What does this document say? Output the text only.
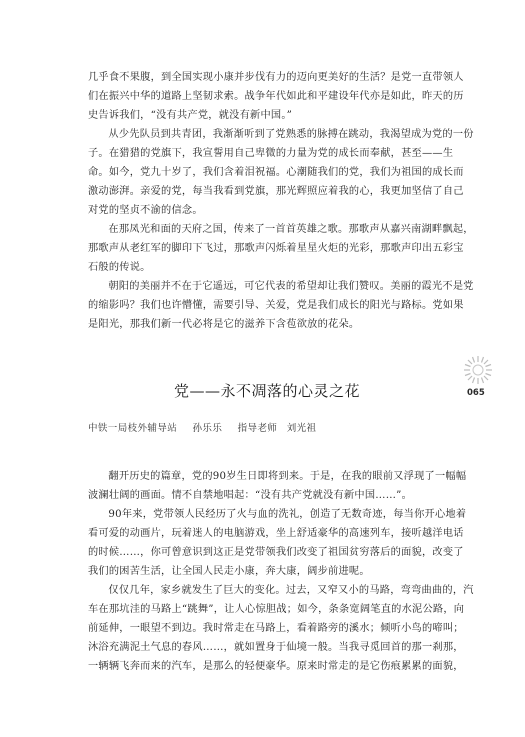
几乎食不果腹，到全国实现小康并步伐有力的迈向更美好的生活？是党一直带领人们在振兴中华的道路上坚韧求索。战争年代如此和平建设年代亦是如此，昨天的历史告诉我们，“没有共产党，就没有新中国。”

从少先队员到共青团，我渐渐听到了党熟悉的脉搏在跳动，我渴望成为党的一份子。在猎猎的党旗下，我宣誓用自己卑微的力量为党的成长而奉献，甚至——生命。如今，党九十岁了，我们含着泪祝福。心潮随我们的党，我们为祖国的成长而激动澎湃。亲爱的党，每当我看到党旗，那光辉照应着我的心，我更加坚信了自己对党的坚贞不渝的信念。

在那凤光和面的天府之国，传来了一首首英雄之歌。那歌声从嘉兴南湖畔飘起，那歌声从老红军的脚印下飞过，那歌声闪烁着星星火炬的光彩，那歌声印出五彩宝石般的传说。

朝阳的美丽并不在于它遥远，可它代表的希望却让我们赞叹。美丽的霞光不是党的缩影吗？我们也许懵懂，需要引导、关爱，党是我们成长的阳光与路标。党如果是阳光，那我们新一代必将是它的滋养下含苞欲放的花朵。

065
党——永不凋落的心灵之花
中铁一局枝外辅导站 孙乐乐 指导老师 刘光祖

翻开历史的篇章，党的90岁生日即将到来。于是，在我的眼前又浮现了一幅幅波澜壮阔的画面。情不自禁地唱起：“没有共产党就没有新中国……”。

90年来，党带领人民经历了火与血的洗礼，创造了无数奇迹，每当你开心地着看可爱的动画片，玩着迷人的电脑游戏，坐上舒适豪华的高速列车，接听越洋电话的时候……，你可曾意识到这正是党带领我们改变了祖国贫穷落后的面貌，改变了我们的困苦生活，让全国人民走小康，奔大康，阔步前进呢。

仅仅几年，家乡就发生了巨大的变化。过去，又窄又小的马路，弯弯曲曲的，汽车在那坑洼的马路上“跳舞”，让人心惊胆战；如今，条条宽阔笔直的水泥公路，向前延伸，一眼望不到边。我时常走在马路上，看着路旁的溪水；倾听小鸟的啼叫；沐浴充满泥土气息的春风……，就如置身于仙境一般。当我寻觅回首的那一刹那，一辆辆飞奔而来的汽车，是那么的轻便豪华。原来时常走的是它伤痕累累的面貌，
